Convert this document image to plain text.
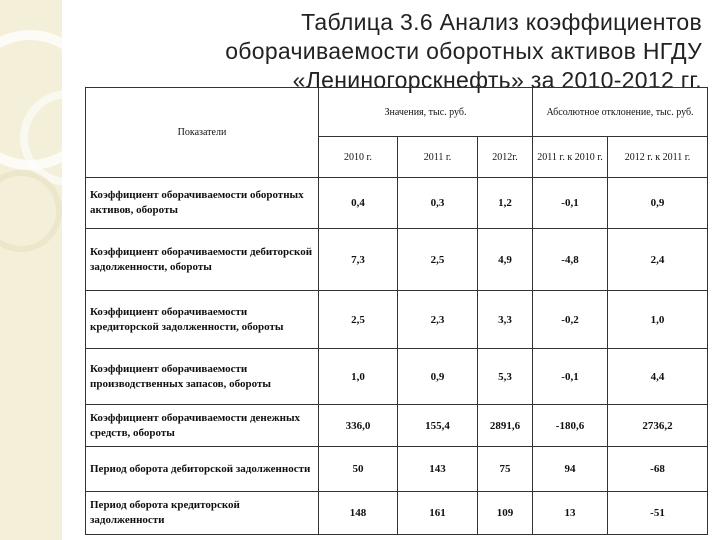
Таблица 3.6 Анализ коэффициентов оборачиваемости оборотных активов НГДУ «Лениногорскнефть» за 2010-2012 гг.
Показатели	Значения, тыс. руб.			Абсолютное отклонение, тыс. руб.	
	2010 г.	2011 г.	2012г.	2011 г. к 2010 г.	2012 г. к 2011 г.
Коэффициент оборачиваемости оборотных активов, обороты	0,4	0,3	1,2	-0,1	0,9
Коэффициент оборачиваемости дебиторской задолженности, обороты	7,3	2,5	4,9	-4,8	2,4
Коэффициент оборачиваемости кредиторской задолженности, обороты	2,5	2,3	3,3	-0,2	1,0
Коэффициент оборачиваемости производственных запасов, обороты	1,0	0,9	5,3	-0,1	4,4
Коэффициент оборачиваемости денежных средств, обороты	336,0	155,4	2891,6	-180,6	2736,2
Период оборота дебиторской задолженности	50	143	75	94	-68
Период оборота кредиторской задолженности	148	161	109	13	-51
